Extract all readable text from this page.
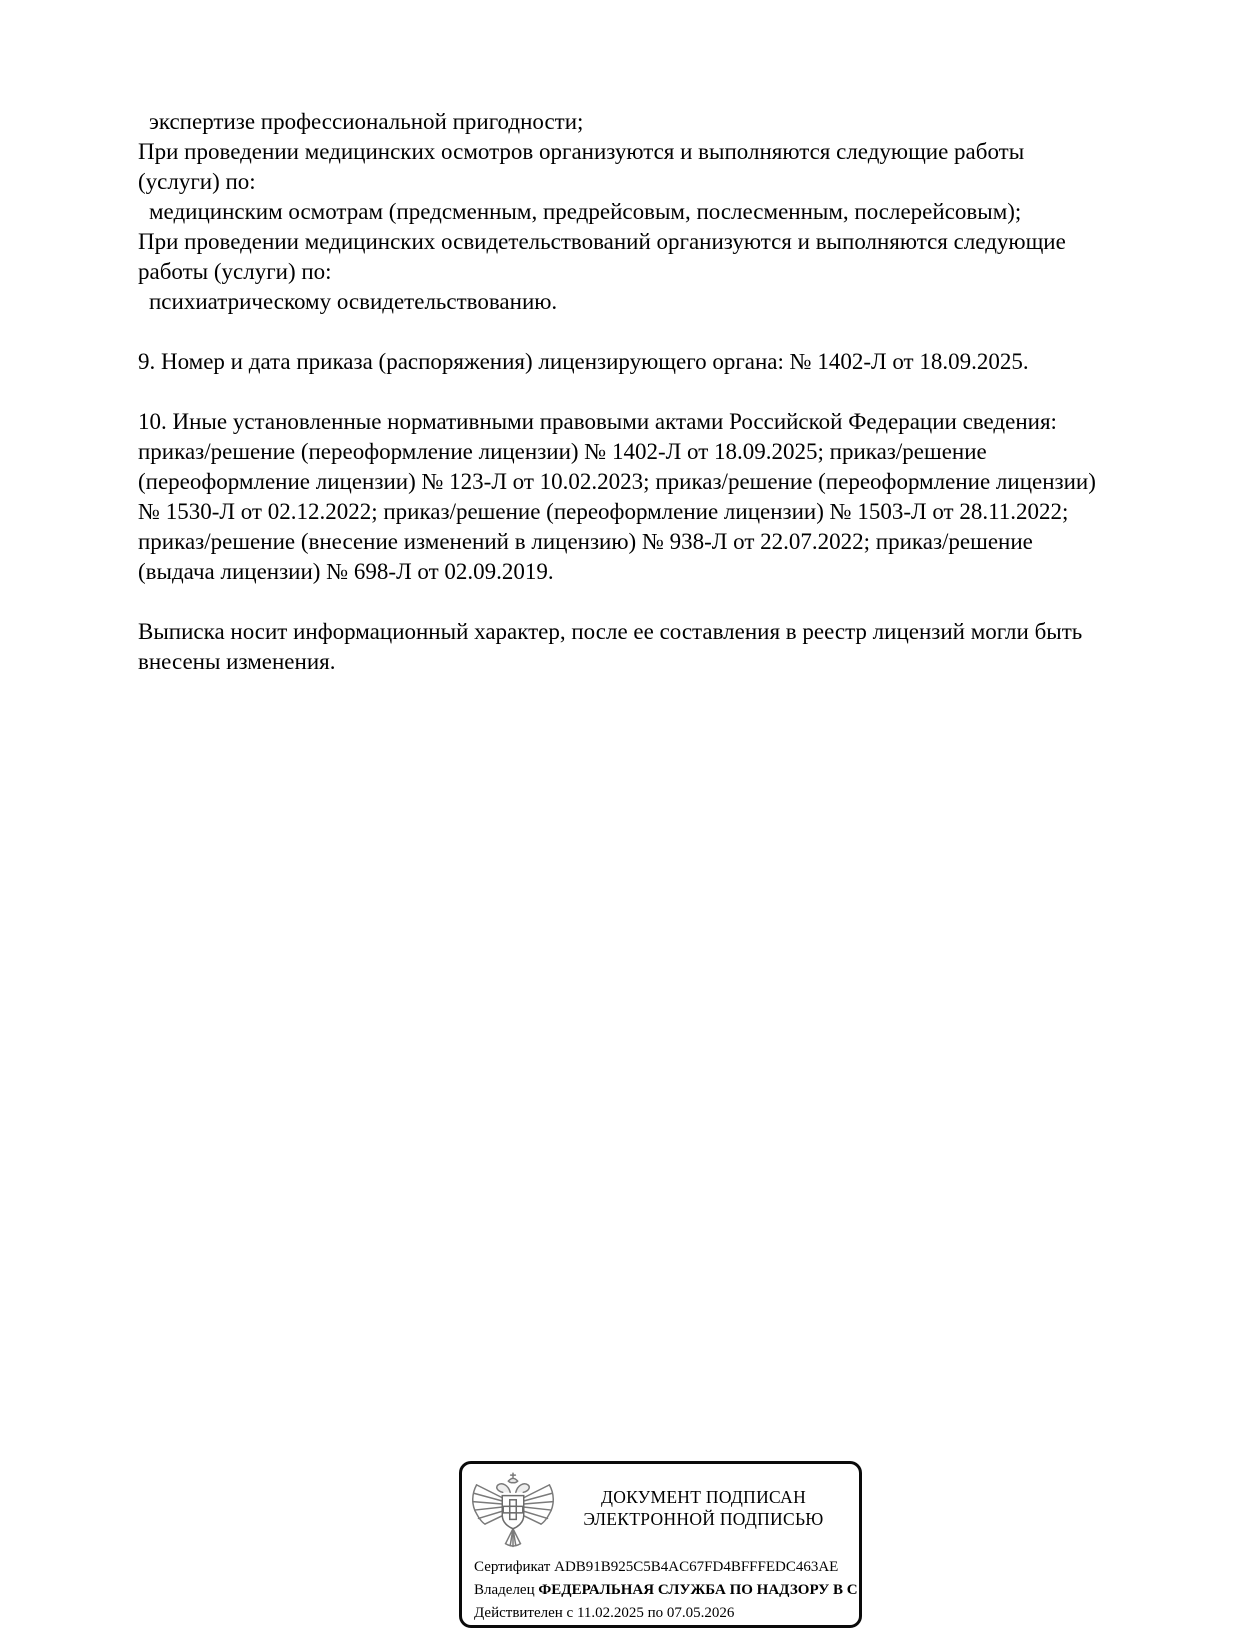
экспертизе профессиональной пригодности;
При проведении медицинских осмотров организуются и выполняются следующие работы
(услуги) по:
медицинским осмотрам (предсменным, предрейсовым, послесменным, послерейсовым);
При проведении медицинских освидетельствований организуются и выполняются следующие
работы (услуги) по:
психиатрическому освидетельствованию.
9. Номер и дата приказа (распоряжения) лицензирующего органа: № 1402-Л от 18.09.2025.
10. Иные установленные нормативными правовыми актами Российской Федерации сведения:
приказ/решение (переоформление лицензии) № 1402-Л от 18.09.2025; приказ/решение
(переоформление лицензии) № 123-Л от 10.02.2023; приказ/решение (переоформление лицензии)
№ 1530-Л от 02.12.2022; приказ/решение (переоформление лицензии) № 1503-Л от 28.11.2022;
приказ/решение (внесение изменений в лицензию) № 938-Л от 22.07.2022; приказ/решение
(выдача лицензии) № 698-Л от 02.09.2019.
Выписка носит информационный характер, после ее составления в реестр лицензий могли быть
внесены изменения.
ДОКУМЕНТ ПОДПИСАН
ЭЛЕКТРОННОЙ ПОДПИСЬЮ
Сертификат ADB91B925C5B4AC67FD4BFFFEDC463AE
Владелец ФЕДЕРАЛЬНАЯ СЛУЖБА ПО НАДЗОРУ В С
Действителен с 11.02.2025 по 07.05.2026
